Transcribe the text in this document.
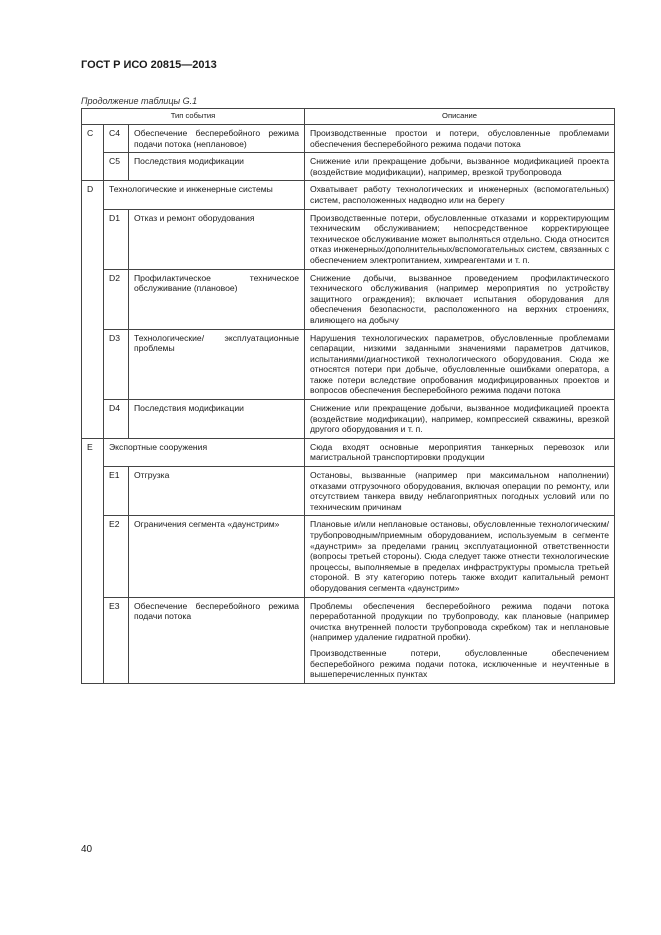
ГОСТ Р ИСО 20815—2013
Продолжение таблицы G.1
Тип события			Описание
C	C4	Обеспечение бесперебойного режима подачи потока (неплановое)	Производственные простои и потери, обусловленные проблемами обеспечения бесперебойного режима подачи потока

	C5	Последствия модификации	Снижение или прекращение добычи, вызванное модификацией проекта (воздействие модификации), например, врезкой трубопровода

D	Технологические и инженерные системы		Охватывает работу технологических и инженерных (вспомогательных) систем, расположенных надводно или на берегу

	D1	Отказ и ремонт оборудования	Производственные потери, обусловленные отказами и корректирующим техническим обслуживанием; непосредственное корректирующее техническое обслуживание может выполняться отдельно. Сюда относится отказ инженерных/дополнительных/вспомогательных систем, связанных с обеспечением электропитанием, химреагентами и т. п.

	D2	Профилактическое техническое обслуживание (плановое)	Снижение добычи, вызванное проведением профилактического технического обслуживания (например мероприятия по устройству защитного ограждения); включает испытания оборудования для обеспечения безопасности, расположенного на верхних строениях, влияющего на добычу

	D3	Технологические/ эксплуатационные проблемы	Нарушения технологических параметров, обусловленные проблемами сепарации, низкими заданными значениями параметров датчиков, испытаниями/диагностикой технологического оборудования. Сюда же относятся потери при добыче, обусловленные ошибками оператора, а также потери вследствие опробования модифицированных проектов и вопросов обеспечения бесперебойного режима подачи потока

	D4	Последствия модификации	Снижение или прекращение добычи, вызванное модификацией проекта (воздействие модификации), например, компрессией скважины, врезкой другого оборудования и т. п.

E	Экспортные сооружения		Сюда входят основные мероприятия танкерных перевозок или магистральной транспортировки продукции

	E1	Отгрузка	Остановы, вызванные (например при максимальном наполнении) отказами отгрузочного оборудования, включая операции по ремонту, или отсутствием танкера ввиду неблагоприятных погодных условий или по техническим причинам

	E2	Ограничения сегмента «даунстрим»	Плановые и/или неплановые остановы, обусловленные технологическим/трубопроводным/приемным оборудованием, используемым в сегменте «даунстрим» за пределами границ эксплуатационной ответственности (вопросы третьей стороны). Сюда следует также отнести технологические процессы, выполняемые в пределах инфраструктуры промысла третьей стороной. В эту категорию потерь также входит капитальный ремонт оборудования сегмента «даунстрим»

	E3	Обеспечение бесперебойного режима подачи потока	Проблемы обеспечения бесперебойного режима подачи потока переработанной продукции по трубопроводу, как плановые (например очистка внутренней полости трубопровода скребком) так и неплановые (например удаление гидратной пробки).

Производственные потери, обусловленные обеспечением бесперебойного режима подачи потока, исключенные и неучтенные в вышеперечисленных пунктах

40
